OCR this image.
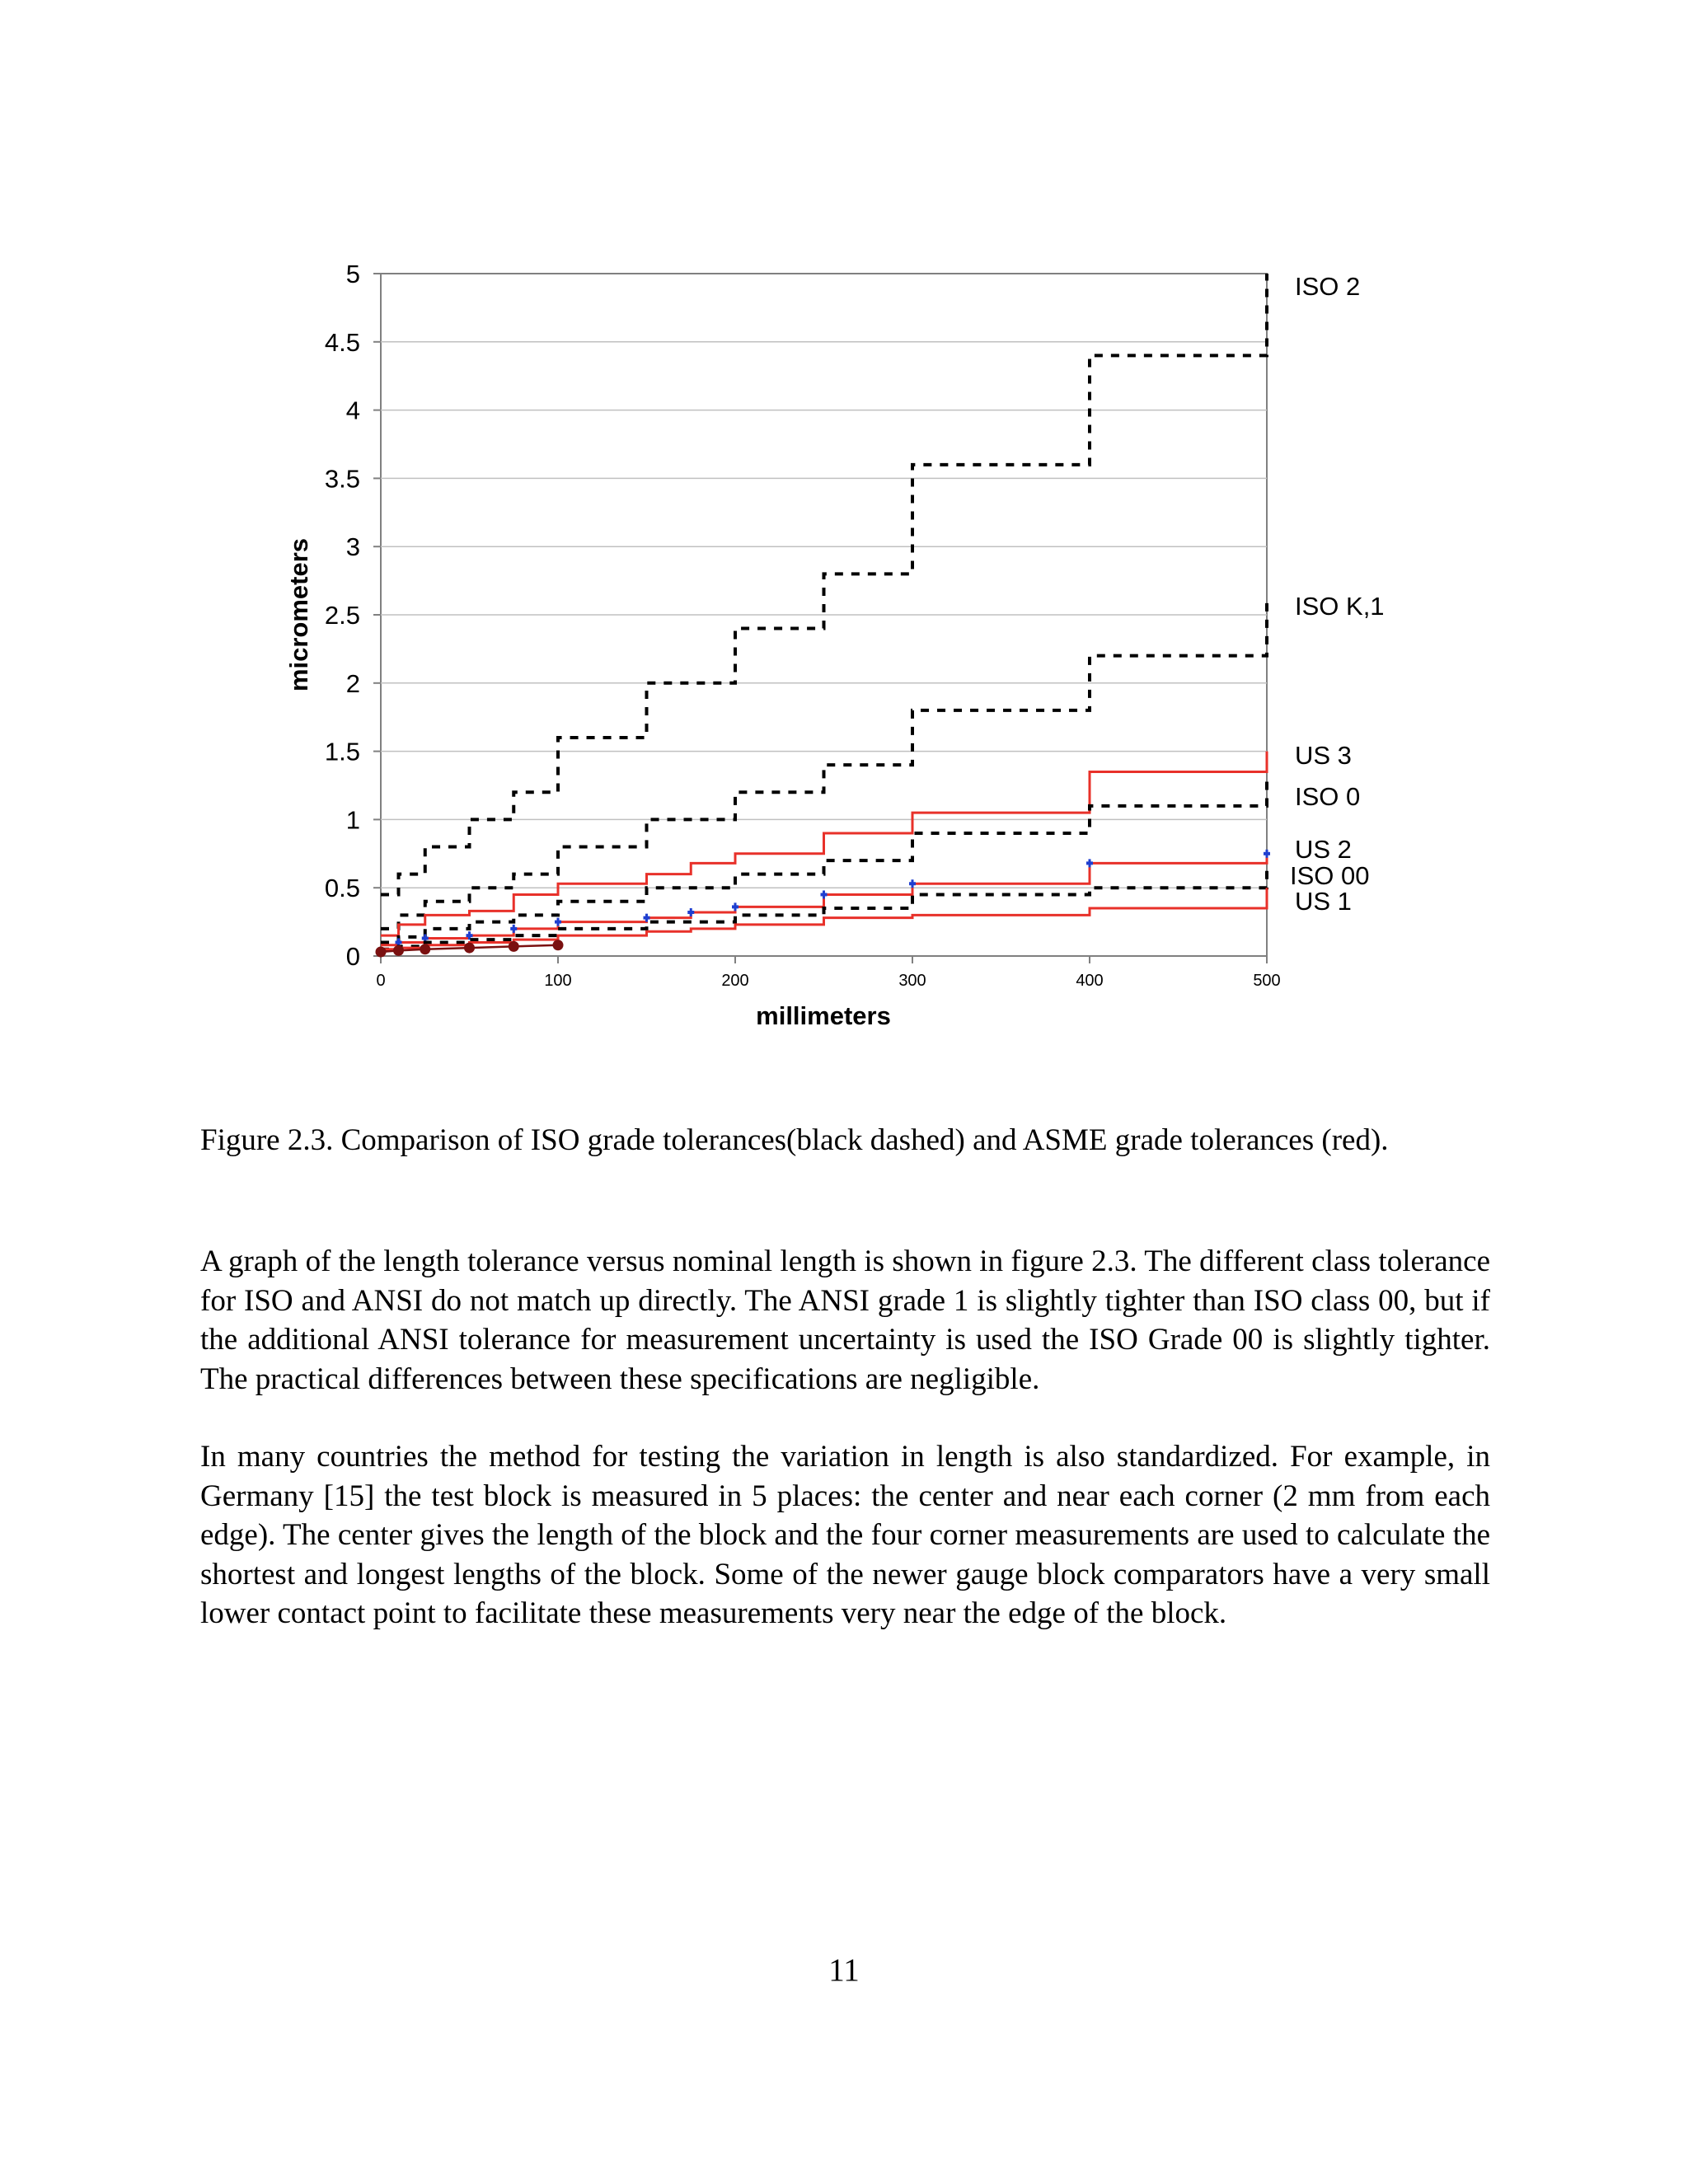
0
0.5
1
1.5
2
2.5
3
3.5
4
4.5
5
0	100	200	300	400	500
micrometers
millimeters
ISO 2
ISO K,1
US 3
ISO 0
US 2
ISO 00
US 1
Figure 2.3. Comparison of ISO grade tolerances(black dashed) and ASME grade tolerances (red).

A graph of the length tolerance versus nominal length is shown in figure 2.3. The different class tolerance for ISO and ANSI do not match up directly. The ANSI grade 1 is slightly tighter than ISO class 00, but if the additional ANSI tolerance for measurement uncertainty is used the ISO Grade 00 is slightly tighter. The practical differences between these specifications are negligible.

In many countries the method for testing the variation in length is also standardized. For example, in Germany [15] the test block is measured in 5 places: the center and near each corner (2 mm from each edge). The center gives the length of the block and the four corner measurements are used to calculate the shortest and longest lengths of the block. Some of the newer gauge block comparators have a very small lower contact point to facilitate these measurements very near the edge of the block.

11
